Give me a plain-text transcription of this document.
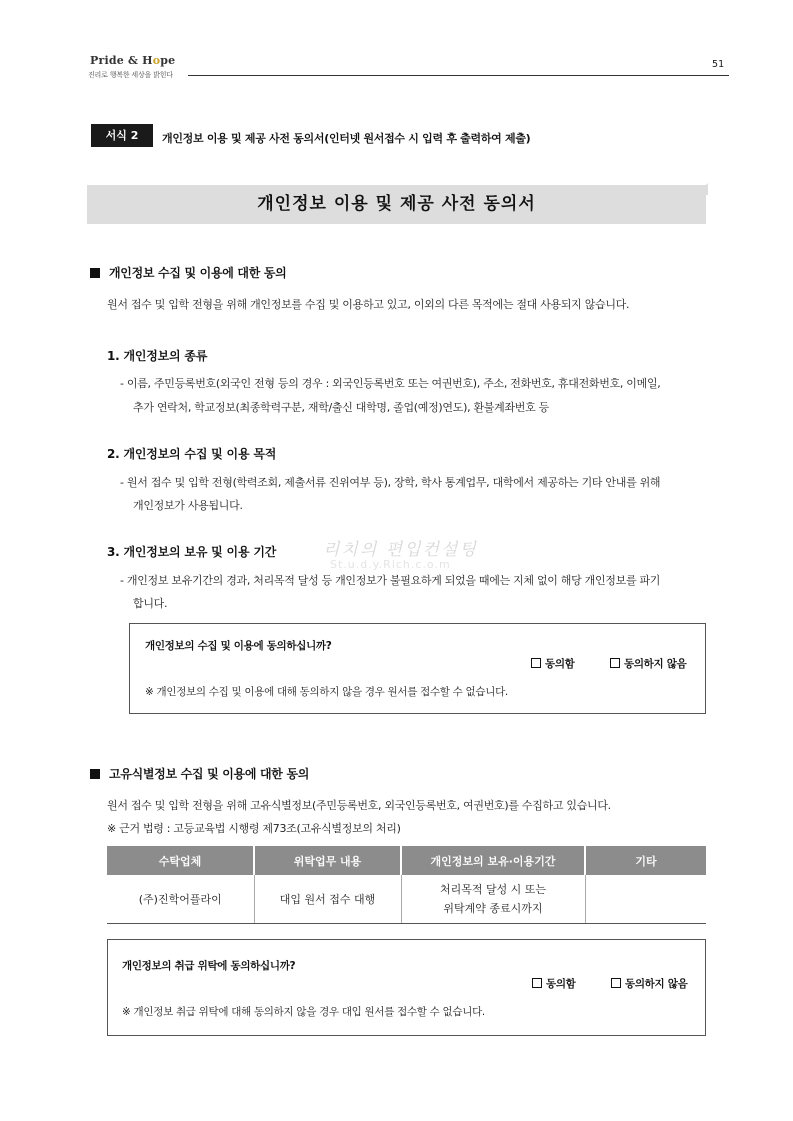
Pride & Hope
진리로 행복한 세상을 밝힌다
51
서식 2	개인정보 이용 및 제공 사전 동의서(인터넷 원서접수 시 입력 후 출력하여 제출)
개인정보 이용 및 제공 사전 동의서
개인정보 수집 및 이용에 대한 동의
원서 접수 및 입학 전형을 위해 개인정보를 수집 및 이용하고 있고, 이외의 다른 목적에는 절대 사용되지 않습니다.
1. 개인정보의 종류
- 이름, 주민등록번호(외국인 전형 등의 경우 : 외국인등록번호 또는 여권번호), 주소, 전화번호, 휴대전화번호, 이메일,
추가 연락처, 학교정보(최종학력구분, 재학/출신 대학명, 졸업(예정)연도), 환불계좌번호 등
2. 개인정보의 수집 및 이용 목적
- 원서 접수 및 입학 전형(학력조회, 제출서류 진위여부 등), 장학, 학사 통계업무, 대학에서 제공하는 기타 안내를 위해
개인정보가 사용됩니다.
3. 개인정보의 보유 및 이용 기간	리치의 편입컨설팅
St.u.d.y.Rich.c.o.m
- 개인정보 보유기간의 경과, 처리목적 달성 등 개인정보가 불필요하게 되었을 때에는 지체 없이 해당 개인정보를 파기
합니다.
개인정보의 수집 및 이용에 동의하십니까?
동의함	동의하지 않음
※ 개인정보의 수집 및 이용에 대해 동의하지 않을 경우 원서를 접수할 수 없습니다.
고유식별정보 수집 및 이용에 대한 동의
원서 접수 및 입학 전형을 위해 고유식별정보(주민등록번호, 외국인등록번호, 여권번호)를 수집하고 있습니다.
※ 근거 법령 : 고등교육법 시행령 제73조(고유식별정보의 처리)
수탁업체	위탁업무 내용	개인정보의 보유·이용기간	기타
(주)진학어플라이	대입 원서 접수 대행	처리목적 달성 시 또는
위탁계약 종료시까지	
개인정보의 취급 위탁에 동의하십니까?
동의함	동의하지 않음
※ 개인정보 취급 위탁에 대해 동의하지 않을 경우 대입 원서를 접수할 수 없습니다.
